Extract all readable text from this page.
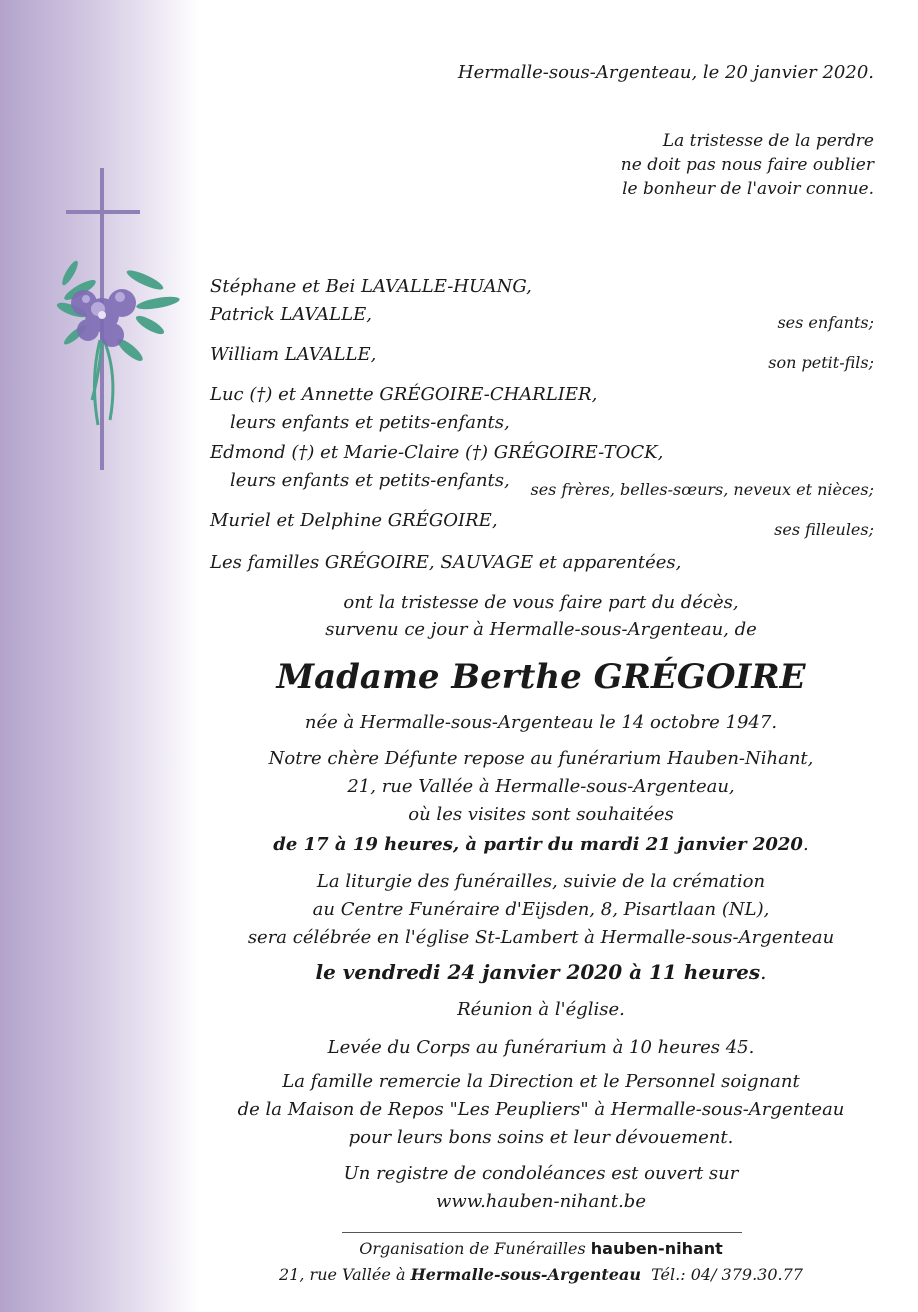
Hermalle-sous-Argenteau, le 20 janvier 2020.
La tristesse de la perdre
ne doit pas nous faire oublier
le bonheur de l'avoir connue.
Stéphane et Bei LAVALLE-HUANG,
Patrick LAVALLE,	ses enfants;
William LAVALLE,	son petit-fils;
Luc (†) et Annette GRÉGOIRE-CHARLIER,
leurs enfants et petits-enfants,
Edmond (†) et Marie-Claire (†) GRÉGOIRE-TOCK,
leurs enfants et petits-enfants, ses frères, belles-sœurs, neveux et nièces;
Muriel et Delphine GRÉGOIRE,	ses filleules;
Les familles GRÉGOIRE, SAUVAGE et apparentées,
ont la tristesse de vous faire part du décès,
survenu ce jour à Hermalle-sous-Argenteau, de
Madame Berthe GRÉGOIRE
née à Hermalle-sous-Argenteau le 14 octobre 1947.
Notre chère Défunte repose au funérarium Hauben-Nihant,
21, rue Vallée à Hermalle-sous-Argenteau,
où les visites sont souhaitées
de 17 à 19 heures, à partir du mardi 21 janvier 2020.
La liturgie des funérailles, suivie de la crémation
au Centre Funéraire d'Eijsden, 8, Pisartlaan (NL),
sera célébrée en l'église St-Lambert à Hermalle-sous-Argenteau
le vendredi 24 janvier 2020 à 11 heures.
Réunion à l'église.
Levée du Corps au funérarium à 10 heures 45.
La famille remercie la Direction et le Personnel soignant
de la Maison de Repos "Les Peupliers" à Hermalle-sous-Argenteau
pour leurs bons soins et leur dévouement.
Un registre de condoléances est ouvert sur
www.hauben-nihant.be
Organisation de Funérailles hauben-nihant
21, rue Vallée à Hermalle-sous-Argenteau Tél.: 04/ 379.30.77
